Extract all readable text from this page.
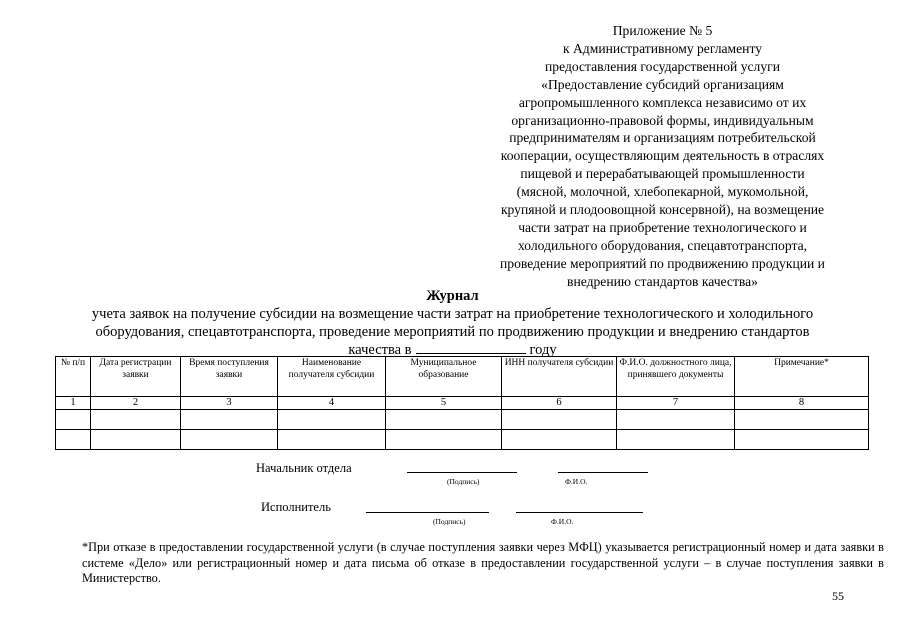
Приложение № 5
к Административному регламенту
предоставления государственной услуги
«Предоставление субсидий организациям
агропромышленного комплекса независимо от их
организационно-правовой формы, индивидуальным
предпринимателям и организациям потребительской
кооперации, осуществляющим деятельность в отраслях
пищевой и перерабатывающей промышленности
(мясной, молочной, хлебопекарной, мукомольной,
крупяной и плодоовощной консервной), на возмещение
части затрат на приобретение технологического и
холодильного оборудования, спецавтотранспорта,
проведение мероприятий по продвижению продукции и
внедрению стандартов качества»
Журнал
учета заявок на получение субсидии на возмещение части затрат на приобретение технологического и холодильного
оборудования, спецавтотранспорта, проведение мероприятий по продвижению продукции и внедрению стандартов
качества в	году
№ п/п	Дата регистрации заявки	Время поступления заявки	Наименование получателя субсидии	Муниципальное образование	ИНН получателя субсидии	Ф.И.О. должностного лица, принявшего документы	Примечание*
1	2	3	4	5	6	7	8

Начальник отдела
(Подпись)	Ф.И.О.
Исполнитель
(Подпись)	Ф.И.О.
*При отказе в предоставлении государственной услуги (в случае поступления заявки через МФЦ) указывается регистрационный номер и дата заявки в системе «Дело» или регистрационный номер и дата письма об отказе в предоставлении государственной услуги – в случае поступления заявки в Министерство.
55
